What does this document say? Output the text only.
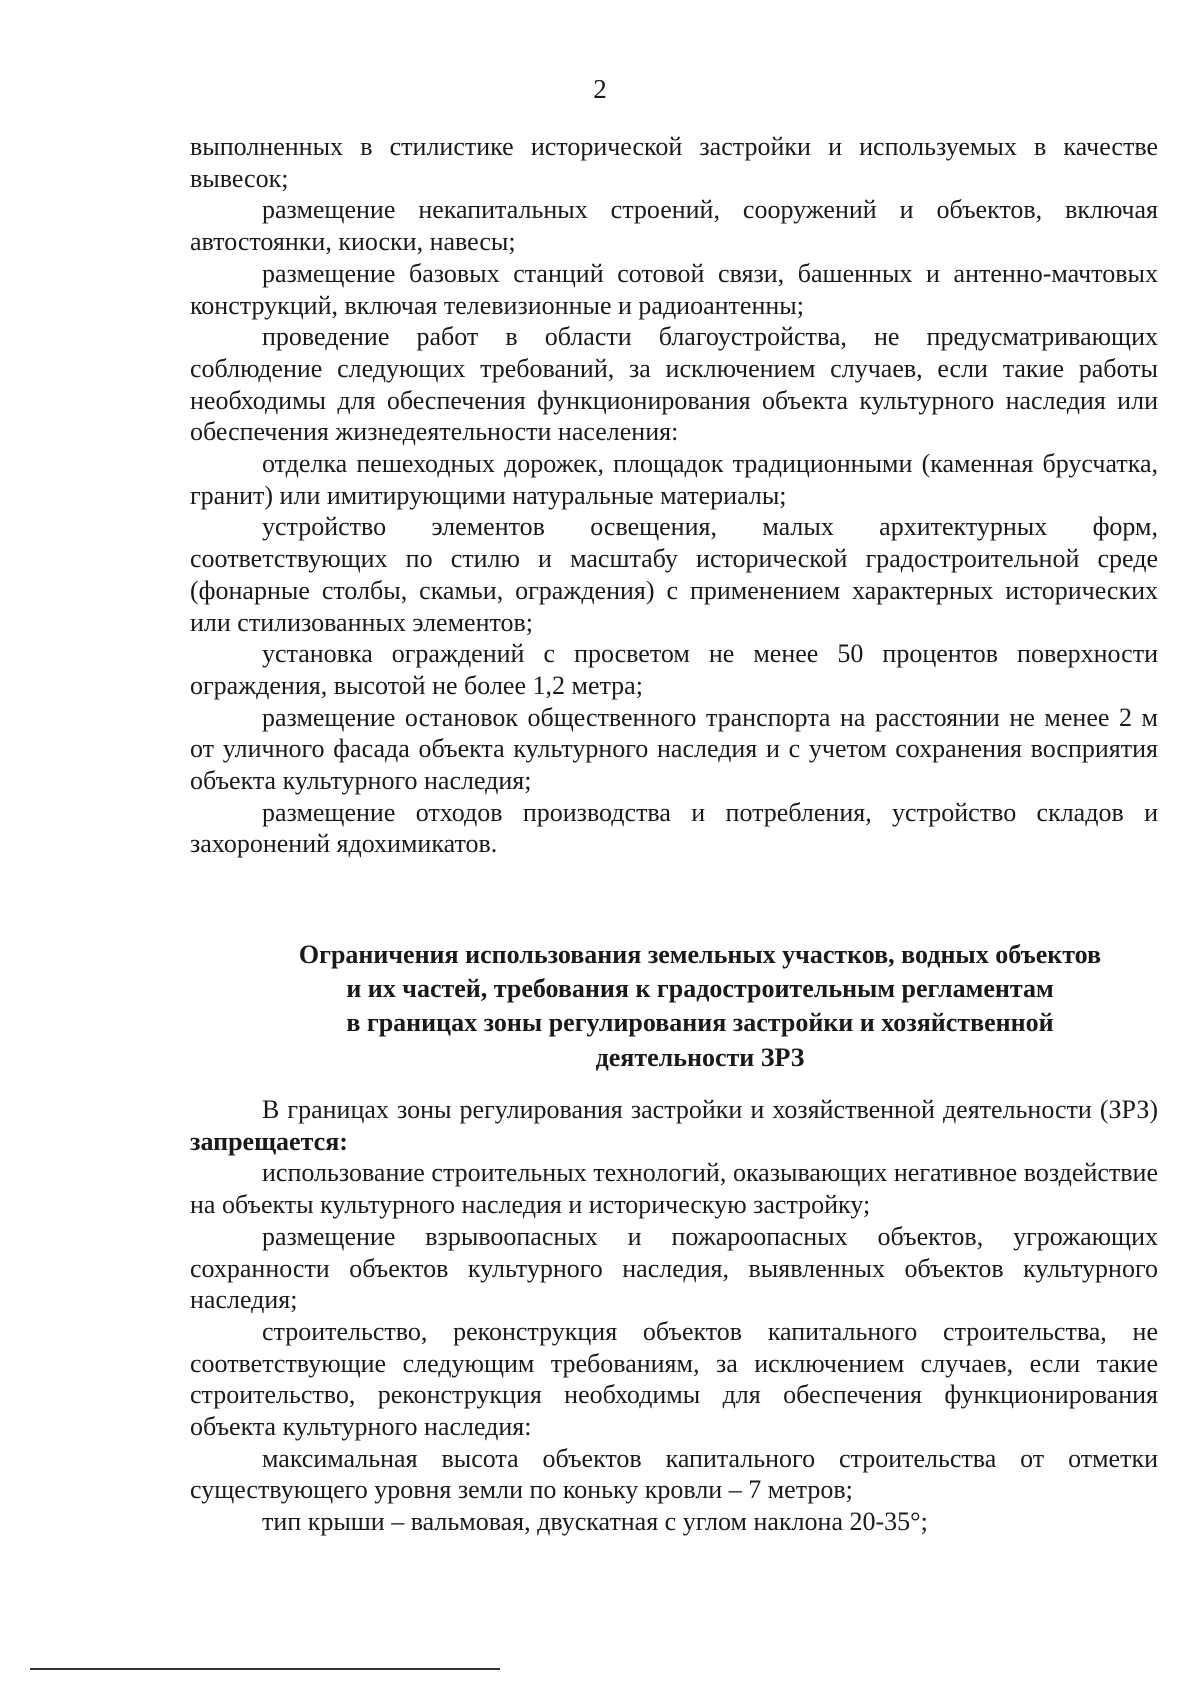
2

выполненных в стилистике исторической застройки и используемых в качестве вывесок;

размещение некапитальных строений, сооружений и объектов, включая автостоянки, киоски, навесы;

размещение базовых станций сотовой связи, башенных и антенно-мачтовых конструкций, включая телевизионные и радиоантенны;

проведение работ в области благоустройства, не предусматривающих соблюдение следующих требований, за исключением случаев, если такие работы необходимы для обеспечения функционирования объекта культурного наследия или обеспечения жизнедеятельности населения:

отделка пешеходных дорожек, площадок традиционными (каменная брусчатка, гранит) или имитирующими натуральные материалы;

устройство элементов освещения, малых архитектурных форм, соответствующих по стилю и масштабу исторической градостроительной среде (фонарные столбы, скамьи, ограждения) с применением характерных исторических или стилизованных элементов;

установка ограждений с просветом не менее 50 процентов поверхности ограждения, высотой не более 1,2 метра;

размещение остановок общественного транспорта на расстоянии не менее 2 м от уличного фасада объекта культурного наследия и с учетом сохранения восприятия объекта культурного наследия;

размещение отходов производства и потребления, устройство складов и захоронений ядохимикатов.

Ограничения использования земельных участков, водных объектов
и их частей, требования к градостроительным регламентам
в границах зоны регулирования застройки и хозяйственной
деятельности ЗРЗ

В границах зоны регулирования застройки и хозяйственной деятельности (ЗРЗ) запрещается:

использование строительных технологий, оказывающих негативное воздействие на объекты культурного наследия и историческую застройку;

размещение взрывоопасных и пожароопасных объектов, угрожающих сохранности объектов культурного наследия, выявленных объектов культурного наследия;

строительство, реконструкция объектов капитального строительства, не соответствующие следующим требованиям, за исключением случаев, если такие строительство, реконструкция необходимы для обеспечения функционирования объекта культурного наследия:

максимальная высота объектов капитального строительства от отметки существующего уровня земли по коньку кровли – 7 метров;

тип крыши – вальмовая, двускатная с углом наклона 20-35°;
